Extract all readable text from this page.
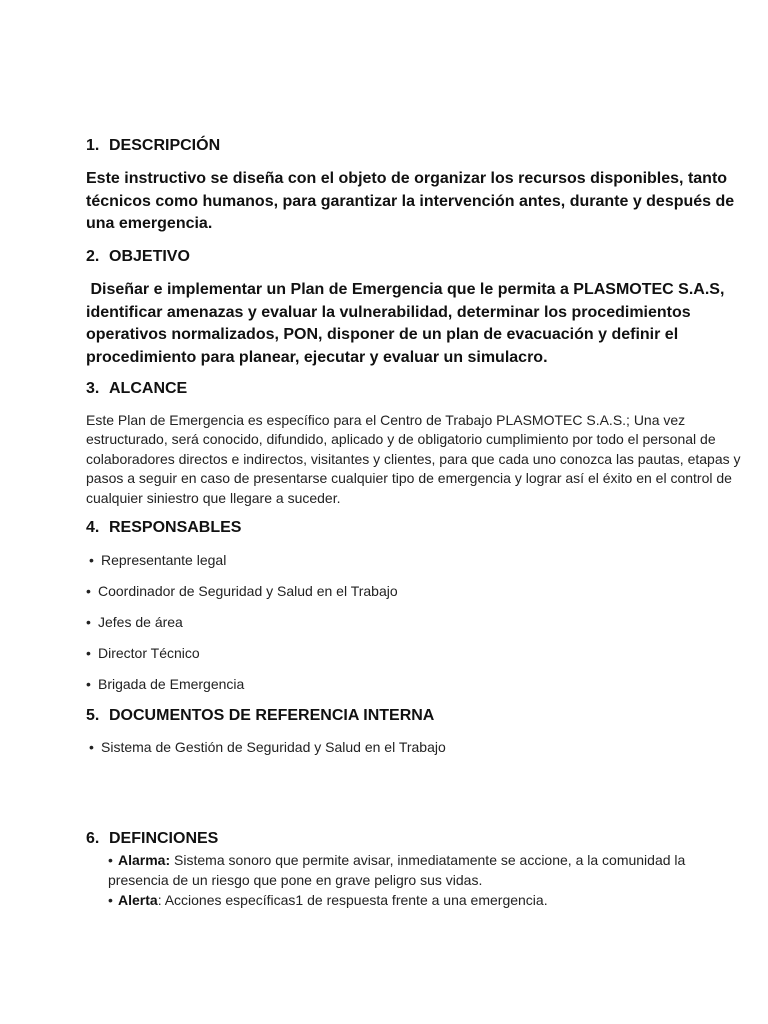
1. DESCRIPCIÓN
Este instructivo se diseña con el objeto de organizar los recursos disponibles, tanto técnicos como humanos, para garantizar la intervención antes, durante y después de una emergencia.
2. OBJETIVO
Diseñar e implementar un Plan de Emergencia que le permita a PLASMOTEC S.A.S, identificar amenazas y evaluar la vulnerabilidad, determinar los procedimientos operativos normalizados, PON, disponer de un plan de evacuación y definir el procedimiento para planear, ejecutar y evaluar un simulacro.
3. ALCANCE
Este Plan de Emergencia es específico para el Centro de Trabajo PLASMOTEC S.A.S.; Una vez estructurado, será conocido, difundido, aplicado y de obligatorio cumplimiento por todo el personal de colaboradores directos e indirectos, visitantes y clientes, para que cada uno conozca las pautas, etapas y pasos a seguir en caso de presentarse cualquier tipo de emergencia y lograr así el éxito en el control de cualquier siniestro que llegare a suceder.
4. RESPONSABLES
• Representante legal
• Coordinador de Seguridad y Salud en el Trabajo
• Jefes de área
• Director Técnico
• Brigada de Emergencia
5. DOCUMENTOS DE REFERENCIA INTERNA
• Sistema de Gestión de Seguridad y Salud en el Trabajo
6. DEFINCIONES
• Alarma: Sistema sonoro que permite avisar, inmediatamente se accione, a la comunidad la presencia de un riesgo que pone en grave peligro sus vidas.
• Alerta: Acciones específicas1 de respuesta frente a una emergencia.
